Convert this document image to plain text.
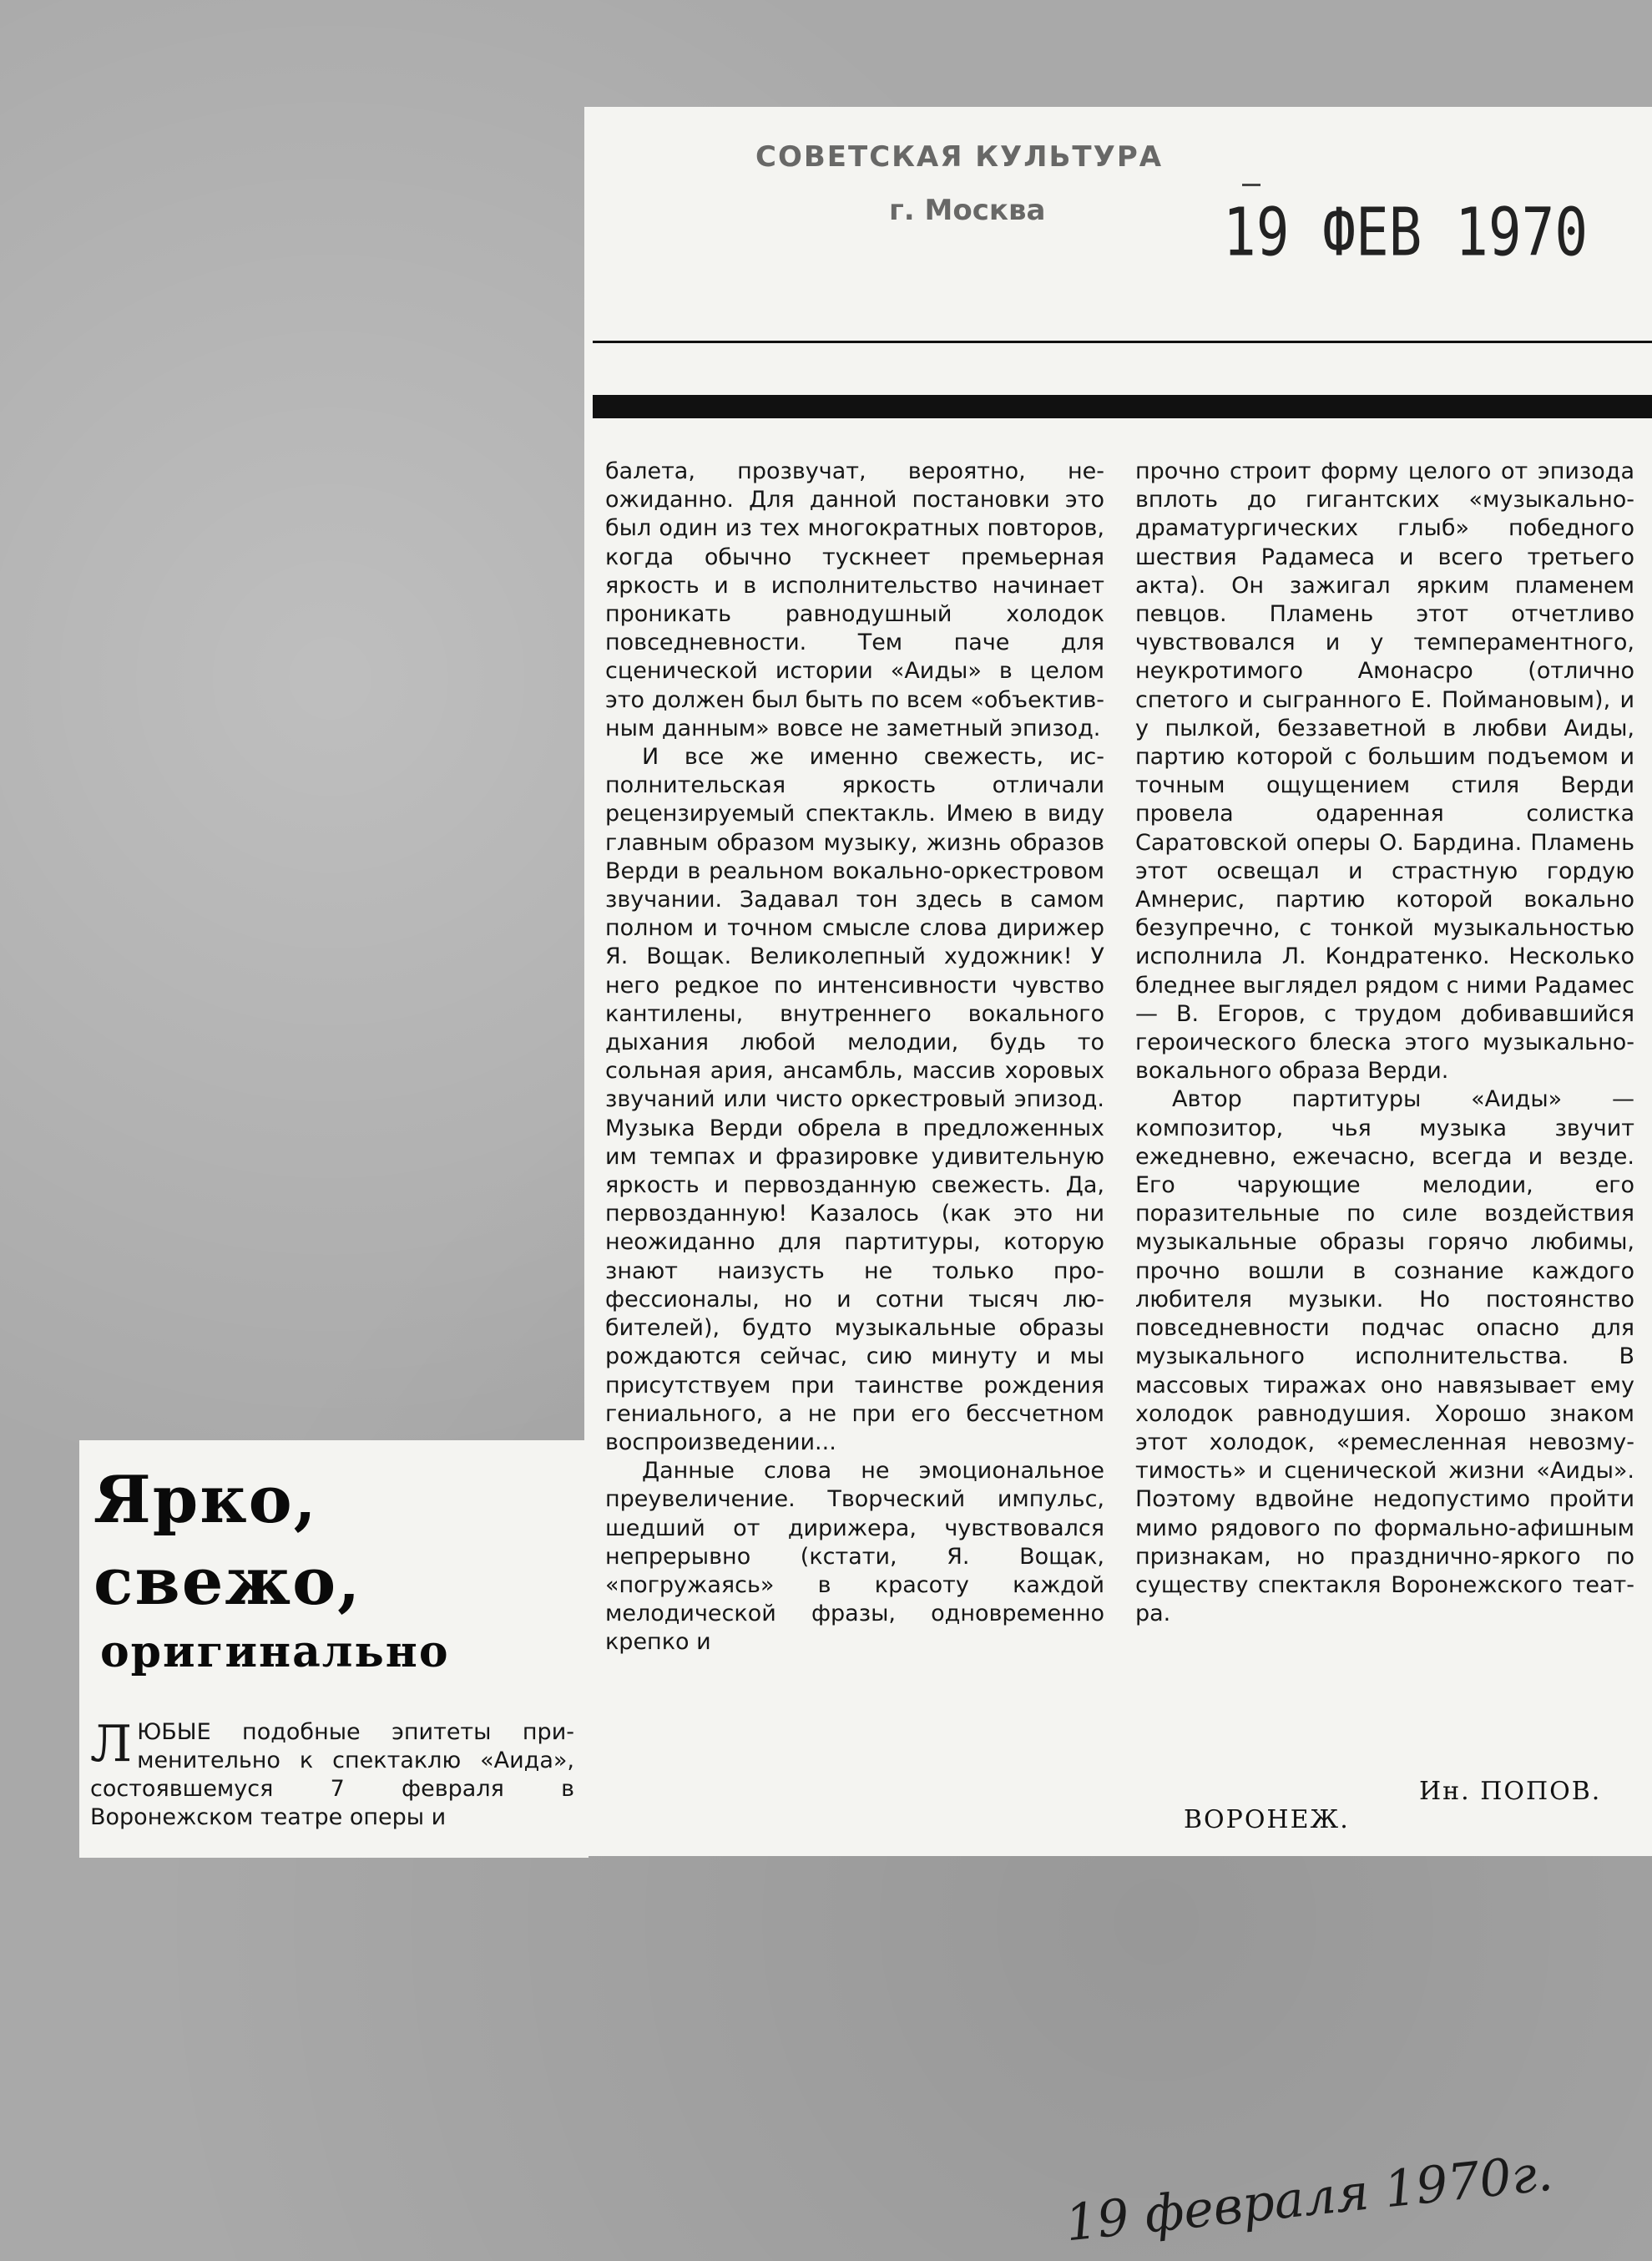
СОВЕТСКАЯ КУЛЬТУРА
г. Москва	19 ФЕВ 1970

балета, прозвучат, вероятно, неожиданно. Для данной постановки это был один из тех многократных повторов, когда обычно тускнеет премьерная яркость и в исполнительство начинает проникать равнодушный холодок повседневности. Тем паче для сценической истории «Аиды» в целом это должен был быть по всем «объективным данным» вовсе не заметный эпизод.

И все же именно свежесть, исполнительская яркость отличали рецензируемый спектакль. Имею в виду главным образом музыку, жизнь образов Верди в реальном вокально-оркестровом звучании. Задавал тон здесь в самом полном и точном смысле слова дирижер Я. Вощак. Великолепный художник! У него редкое по интенсивности чувство кантилены, внутреннего вокального дыхания любой мелодии, будь то сольная ария, ансамбль, массив хоровых звучаний или чисто оркестровый эпизод. Музыка Верди обрела в предложенных им темпах и фразировке удивительную яркость и первозданную свежесть. Да, первозданную! Казалось (как это ни неожиданно для партитуры, которую знают наизусть не только профессионалы, но и сотни тысяч любителей), будто музыкальные образы рождаются сейчас, сию минуту и мы присутствуем при таинстве рождения гениального, а не при его бессчетном воспроизведении...

Данные слова не эмоциональное преувеличение. Творческий импульс, шедший от дирижeра, чувствовался непрерывно (кстати, Я. Вощак, «погружаясь» в красоту каждой мелодической фразы, одновременно крепко и

прочно строит форму целого от эпизода вплоть до гигантских «музыкально-драматургических глыб» победного шествия Радамеса и всего третьего акта). Он зажигал ярким пламенем певцов. Пламень этот отчетливо чувствовался и у темпераментного, неукротимого Амонасро (отлично спетого и сыгранного Е. Поймановым), и у пылкой, беззаветной в любви Аиды, партию которой с большим подъемом и точным ощущением стиля Верди провела одаренная солистка Саратовской оперы О. Бардина. Пламень этот освещал и страстную гордую Амнерис, партию которой вокально безупречно, с тонкой музыкальностью исполнила Л. Кондратенко. Несколько бледнее выглядел рядом с ними Радамес — В. Егоров, с трудом добивавшийся героического блеска этого музыкально-вокального образа Верди.

Автор партитуры «Аиды» — композитор, чья музыка звучит ежедневно, ежечасно, всегда и везде. Его чарующие мелодии, его поразительные по силе воздействия музыкальные образы горячо любимы, прочно вошли в сознание каждого любителя музыки. Но постоянство повседневности подчас опасно для музыкального исполнительства. В массовых тиражах оно навязывает ему холодок равнодушия. Хорошо знаком этот холодок, «ремесленная невозмутимость» и сценической жизни «Аиды». Поэтому вдвойне недопустимо пройти мимо рядового по формально-афишным признакам, но празднично-яркого по существу спектакля Воронежского театра.

Ярко,
свежо,
оригинально
Л ЮБЫЕ подобные эпитеты применительно к спектаклю «Аида», состоявшемуся 7 февраля в Воронежском театре оперы и
Ин. ПОПОВ.
ВОРОНЕЖ.
19 февраля 1970г.
